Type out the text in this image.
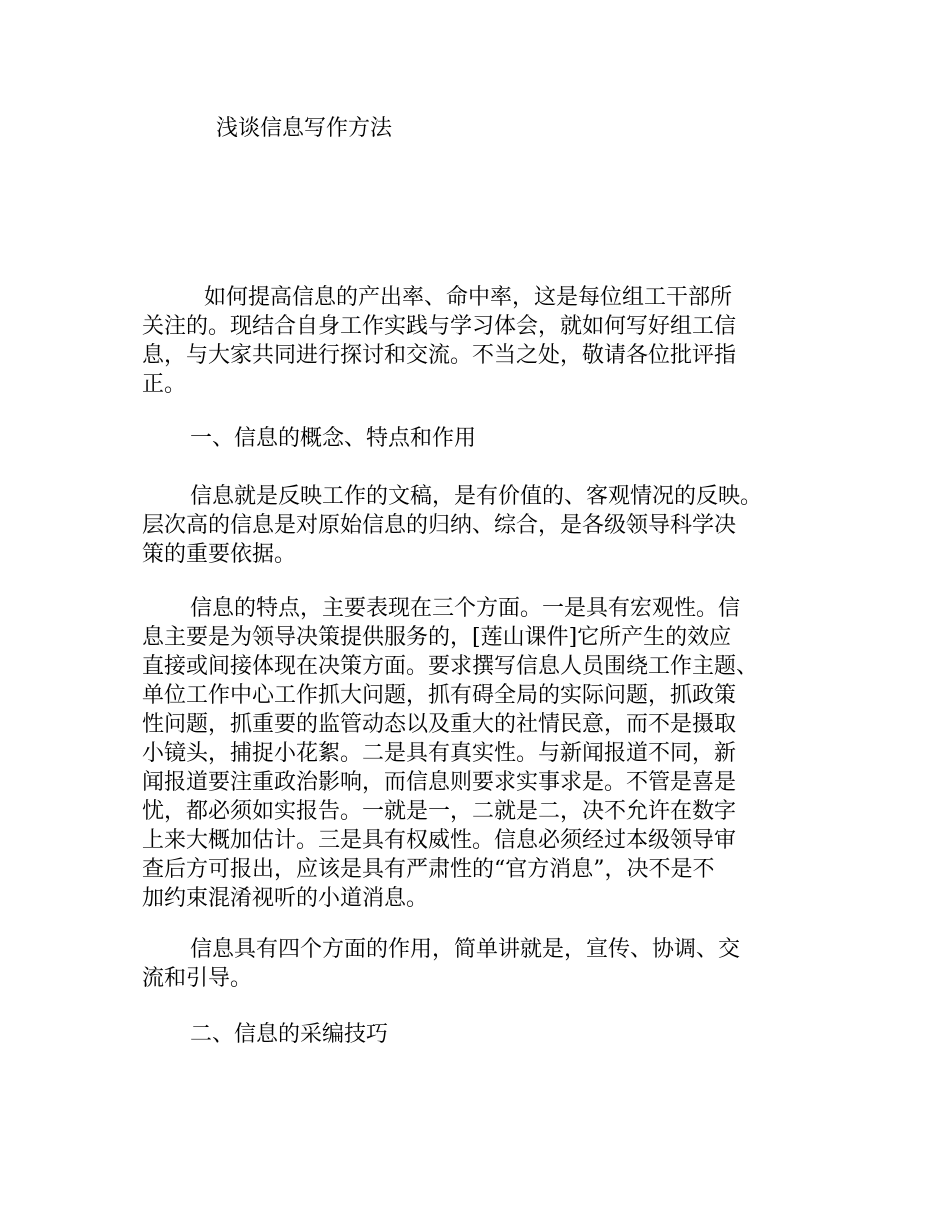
浅谈信息写作方法
如何提高信息的产出率、命中率，这是每位组工干部所
关注的。现结合自身工作实践与学习体会，就如何写好组工信
息，与大家共同进行探讨和交流。不当之处，敬请各位批评指
正。
一、信息的概念、特点和作用
信息就是反映工作的文稿，是有价值的、客观情况的反映。
层次高的信息是对原始信息的归纳、综合，是各级领导科学决
策的重要依据。
信息的特点，主要表现在三个方面。一是具有宏观性。信
息主要是为领导决策提供服务的，[莲山课件]它所产生的效应
直接或间接体现在决策方面。要求撰写信息人员围绕工作主题、
单位工作中心工作抓大问题，抓有碍全局的实际问题，抓政策
性问题，抓重要的监管动态以及重大的社情民意，而不是摄取
小镜头，捕捉小花絮。二是具有真实性。与新闻报道不同，新
闻报道要注重政治影响，而信息则要求实事求是。不管是喜是
忧，都必须如实报告。一就是一，二就是二，决不允许在数字
上来大概加估计。三是具有权威性。信息必须经过本级领导审
查后方可报出，应该是具有严肃性的“官方消息”，决不是不
加约束混淆视听的小道消息。
信息具有四个方面的作用，简单讲就是，宣传、协调、交
流和引导。
二、信息的采编技巧
